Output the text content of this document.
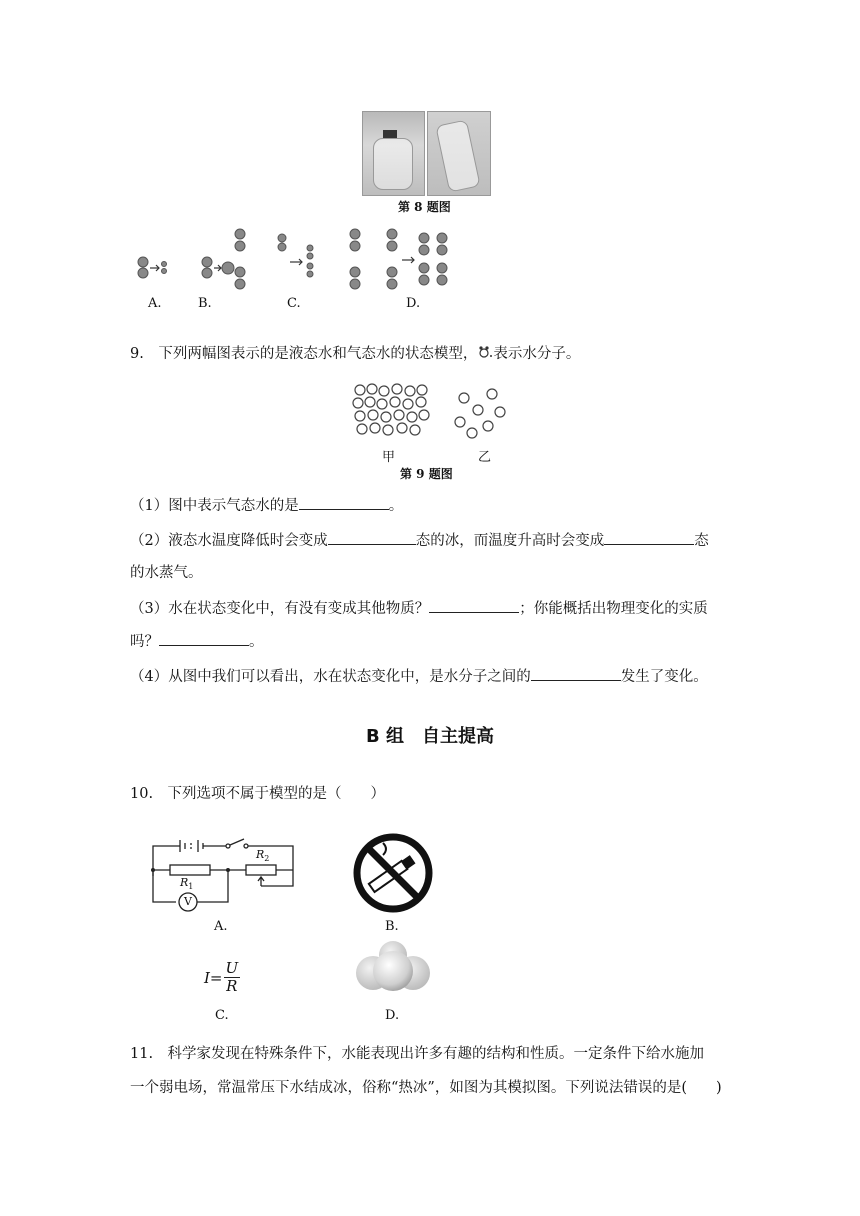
第 8 题图
A.	B.	C.	D.
9.　下列两幅图表示的是液态水和气态水的状态模型， 表示水分子。
甲	乙
第 9 题图
（1）图中表示气态水的是	。
（2）液态水温度降低时会变成	态的冰，而温度升高时会变成	态
的水蒸气。
（3）水在状态变化中，有没有变成其他物质？	；你能概括出物理变化的实质
吗？	。
（4）从图中我们可以看出，水在状态变化中，是水分子之间的	发生了变化。
B 组　自主提高
10.　下列选项不属于模型的是（　　）
$R_2$
$R_1$
V
A.	B.
$I= \frac{U}{R}$
C.	D.
11.　科学家发现在特殊条件下，水能表现出许多有趣的结构和性质。一定条件下给水施加
一个弱电场，常温常压下水结成冰，俗称“热冰”，如图为其模拟图。下列说法错误的是(　　)
